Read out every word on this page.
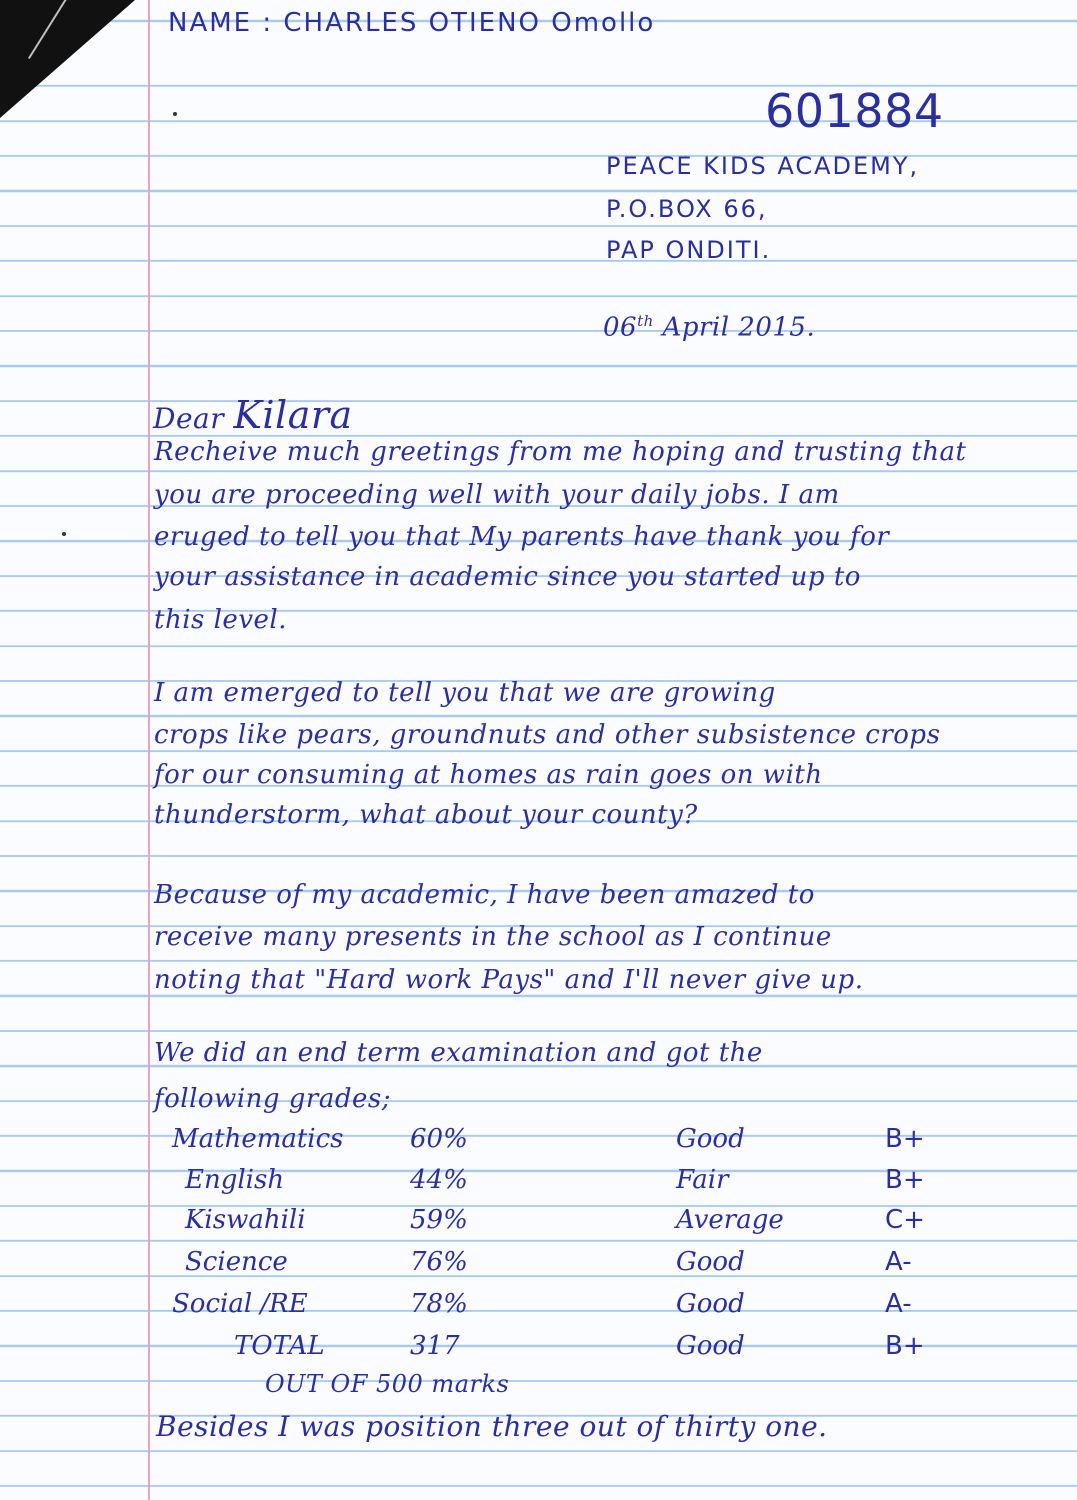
NAME : CHARLES OTIENO Omollo
601884
PEACE KIDS ACADEMY,
P.O.BOX 66,
PAP ONDITI.
06th April 2015.
Dear Kilara
Recheive much greetings from me hoping and trusting that
you are proceeding well with your daily jobs. I am
eruged to tell you that My parents have thank you for
your assistance in academic since you started up to
this level.
I am emerged to tell you that we are growing
crops like pears, groundnuts and other subsistence crops
for our consuming at homes as rain goes on with
thunderstorm, what about your county?
Because of my academic, I have been amazed to
receive many presents in the school as I continue
noting that "Hard work Pays" and I'll never give up.
We did an end term examination and got the
following grades;
Mathematics	60%	Good	B+
English	44%	Fair	B+
Kiswahili	59%	Average	C+
Science	76%	Good	A-
Social /RE	78%	Good	A-
TOTAL	317	Good	B+
OUT OF 500 marks
Besides I was position three out of thirty one.
